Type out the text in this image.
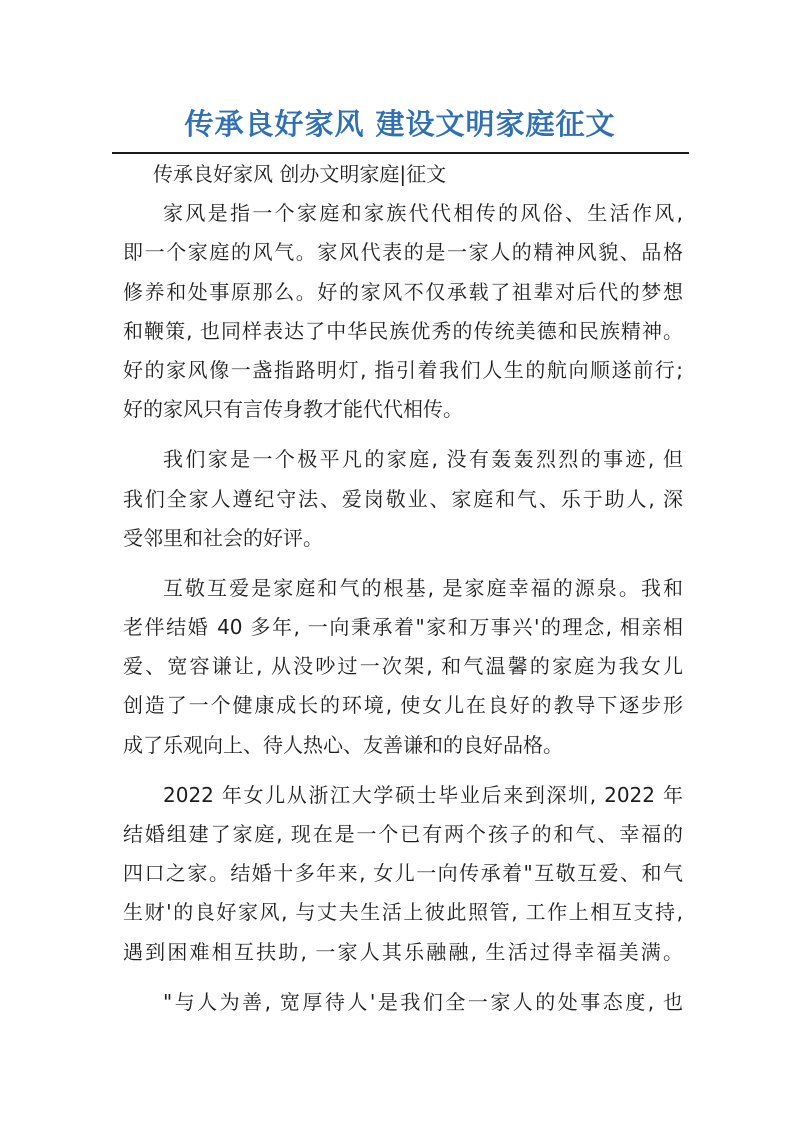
传承良好家风 建设文明家庭征文
传承良好家风 创办文明家庭|征文
家风是指一个家庭和家族代代相传的风俗、生活作风,
即一个家庭的风气。家风代表的是一家人的精神风貌、品格
修养和处事原那么。好的家风不仅承载了祖辈对后代的梦想
和鞭策, 也同样表达了中华民族优秀的传统美德和民族精神。
好的家风像一盏指路明灯, 指引着我们人生的航向顺遂前行;
好的家风只有言传身教才能代代相传。
我们家是一个极平凡的家庭, 没有轰轰烈烈的事迹, 但
我们全家人遵纪守法、爱岗敬业、家庭和气、乐于助人, 深
受邻里和社会的好评。
互敬互爱是家庭和气的根基, 是家庭幸福的源泉。我和
老伴结婚 40 多年, 一向秉承着"家和万事兴'的理念, 相亲相
爱、宽容谦让, 从没吵过一次架, 和气温馨的家庭为我女儿
创造了一个健康成长的环境, 使女儿在良好的教导下逐步形
成了乐观向上、待人热心、友善谦和的良好品格。
2022 年女儿从浙江大学硕士毕业后来到深圳, 2022 年
结婚组建了家庭, 现在是一个已有两个孩子的和气、幸福的
四口之家。结婚十多年来, 女儿一向传承着"互敬互爱、和气
生财'的良好家风, 与丈夫生活上彼此照管, 工作上相互支持,
遇到困难相互扶助, 一家人其乐融融, 生活过得幸福美满。
"与人为善, 宽厚待人'是我们全一家人的处事态度, 也
